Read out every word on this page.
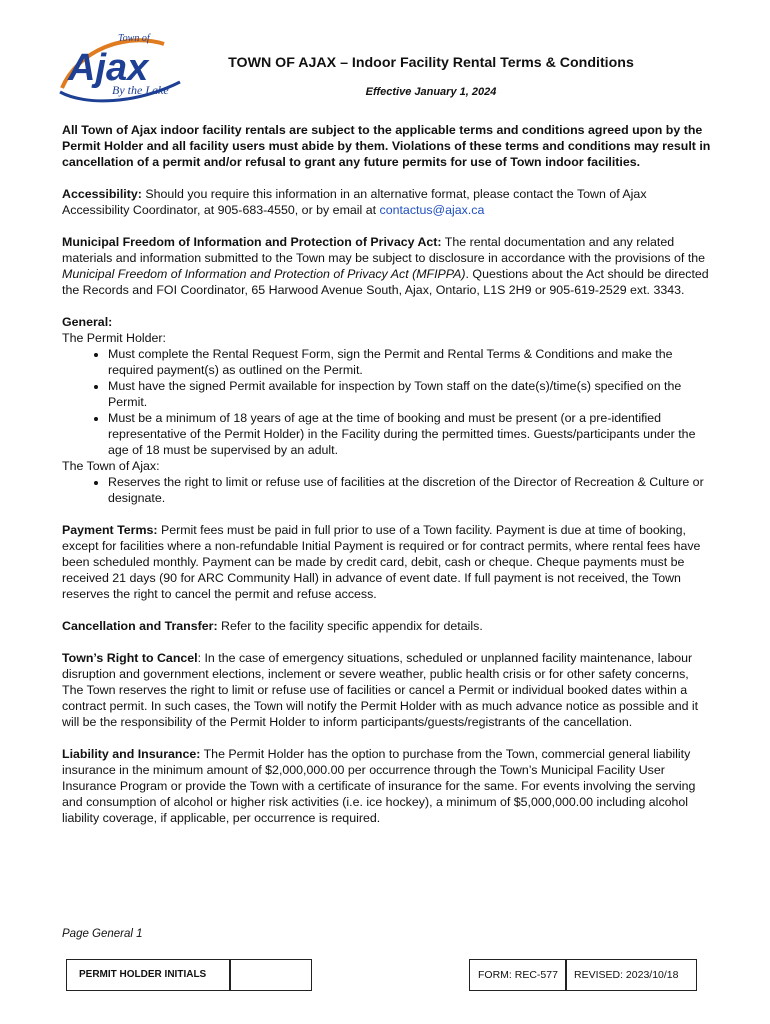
Town of
Ajax
By the Lake
TOWN OF AJAX – Indoor Facility Rental Terms & Conditions
Effective January 1, 2024

All Town of Ajax indoor facility rentals are subject to the applicable terms and conditions agreed upon by the Permit Holder and all facility users must abide by them. Violations of these terms and conditions may result in cancellation of a permit and/or refusal to grant any future permits for use of Town indoor facilities.

Accessibility: Should you require this information in an alternative format, please contact the Town of Ajax Accessibility Coordinator, at 905-683-4550, or by email at contactus@ajax.ca

Municipal Freedom of Information and Protection of Privacy Act: The rental documentation and any related materials and information submitted to the Town may be subject to disclosure in accordance with the provisions of the Municipal Freedom of Information and Protection of Privacy Act (MFIPPA). Questions about the Act should be directed the Records and FOI Coordinator, 65 Harwood Avenue South, Ajax, Ontario, L1S 2H9 or 905-619-2529 ext. 3343.

General:
The Permit Holder:
• Must complete the Rental Request Form, sign the Permit and Rental Terms & Conditions and make the required payment(s) as outlined on the Permit.
• Must have the signed Permit available for inspection by Town staff on the date(s)/time(s) specified on the Permit.
• Must be a minimum of 18 years of age at the time of booking and must be present (or a pre-identified representative of the Permit Holder) in the Facility during the permitted times. Guests/participants under the age of 18 must be supervised by an adult.
The Town of Ajax:
• Reserves the right to limit or refuse use of facilities at the discretion of the Director of Recreation & Culture or designate.

Payment Terms: Permit fees must be paid in full prior to use of a Town facility. Payment is due at time of booking, except for facilities where a non-refundable Initial Payment is required or for contract permits, where rental fees have been scheduled monthly. Payment can be made by credit card, debit, cash or cheque. Cheque payments must be received 21 days (90 for ARC Community Hall) in advance of event date. If full payment is not received, the Town reserves the right to cancel the permit and refuse access.

Cancellation and Transfer: Refer to the facility specific appendix for details.

Town’s Right to Cancel: In the case of emergency situations, scheduled or unplanned facility maintenance, labour disruption and government elections, inclement or severe weather, public health crisis or for other safety concerns, The Town reserves the right to limit or refuse use of facilities or cancel a Permit or individual booked dates within a contract permit. In such cases, the Town will notify the Permit Holder with as much advance notice as possible and it will be the responsibility of the Permit Holder to inform participants/guests/registrants of the cancellation.

Liability and Insurance: The Permit Holder has the option to purchase from the Town, commercial general liability insurance in the minimum amount of $2,000,000.00 per occurrence through the Town’s Municipal Facility User Insurance Program or provide the Town with a certificate of insurance for the same. For events involving the serving and consumption of alcohol or higher risk activities (i.e. ice hockey), a minimum of $5,000,000.00 including alcohol liability coverage, if applicable, per occurrence is required.

Page General 1
PERMIT HOLDER INITIALS	FORM: REC-577	REVISED: 2023/10/18
